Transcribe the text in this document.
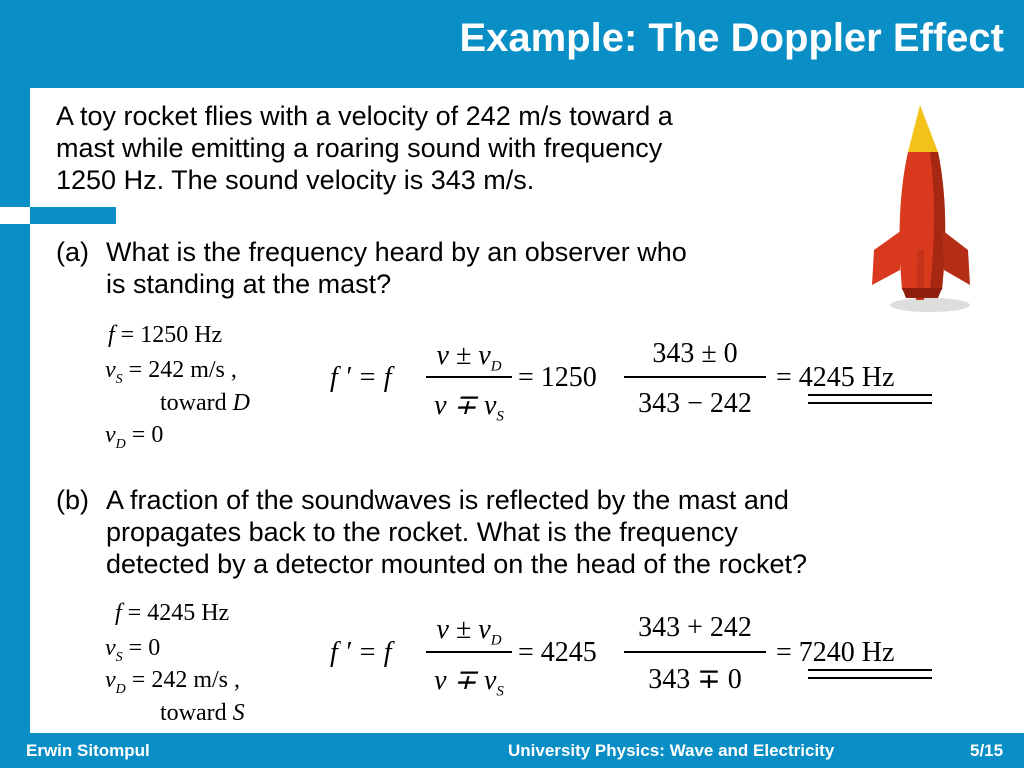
Example: The Doppler Effect
A toy rocket flies with a velocity of 242 m/s toward a
mast while emitting a roaring sound with frequency
1250 Hz. The sound velocity is 343 m/s.
(a) What is the frequency heard by an observer who
is standing at the mast?
f = 1250 Hz
$v_S = 242$ m/s ,
toward D
$v_D = 0$
f ′ = f
$v \pm v_D$
$v \mp v_S$
= 1250
343 ± 0
343 − 242
= 4245 Hz
(b) A fraction of the soundwaves is reflected by the mast and
propagates back to the rocket. What is the frequency
detected by a detector mounted on the head of the rocket?
f = 4245 Hz
$v_S = 0$
$v_D = 242$ m/s ,
toward S
f ′ = f
$v \pm v_D$
$v \mp v_S$
= 4245
343 + 242
343 ∓ 0
= 7240 Hz
Erwin Sitompul	University Physics: Wave and Electricity	5/15
